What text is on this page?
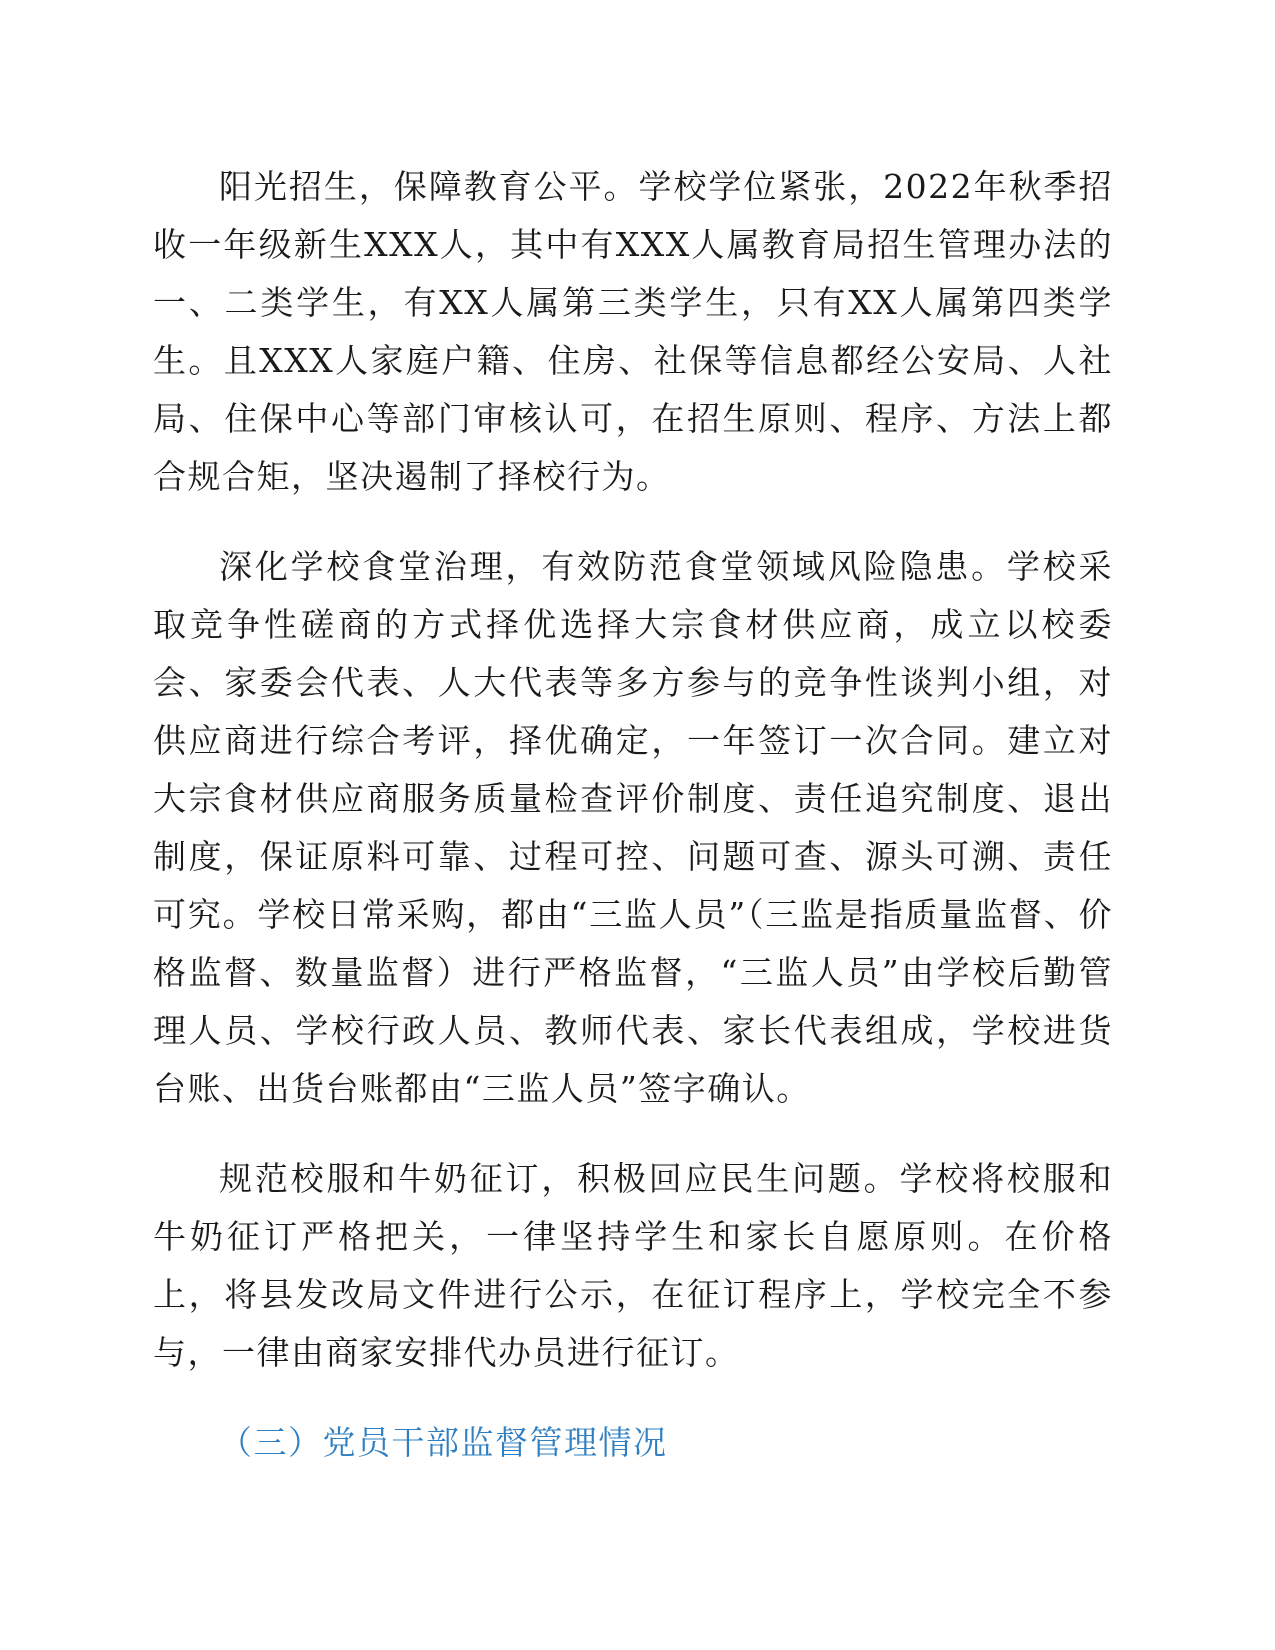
阳光招生，保障教育公平。学校学位紧张，2022年秋季招收一年级新生XXX人，其中有XXX人属教育局招生管理办法的一、二类学生，有XX人属第三类学生，只有XX人属第四类学生。且XXX人家庭户籍、住房、社保等信息都经公安局、人社局、住保中心等部门审核认可，在招生原则、程序、方法上都合规合矩，坚决遏制了择校行为。

深化学校食堂治理，有效防范食堂领域风险隐患。学校采取竞争性磋商的方式择优选择大宗食材供应商，成立以校委会、家委会代表、人大代表等多方参与的竞争性谈判小组，对供应商进行综合考评，择优确定，一年签订一次合同。建立对大宗食材供应商服务质量检查评价制度、责任追究制度、退出制度，保证原料可靠、过程可控、问题可查、源头可溯、责任可究。学校日常采购，都由“三监人员”（三监是指质量监督、价格监督、数量监督）进行严格监督，“三监人员”由学校后勤管理人员、学校行政人员、教师代表、家长代表组成，学校进货台账、出货台账都由“三监人员”签字确认。

规范校服和牛奶征订，积极回应民生问题。学校将校服和牛奶征订严格把关，一律坚持学生和家长自愿原则。在价格上，将县发改局文件进行公示，在征订程序上，学校完全不参与，一律由商家安排代办员进行征订。

（三）党员干部监督管理情况
